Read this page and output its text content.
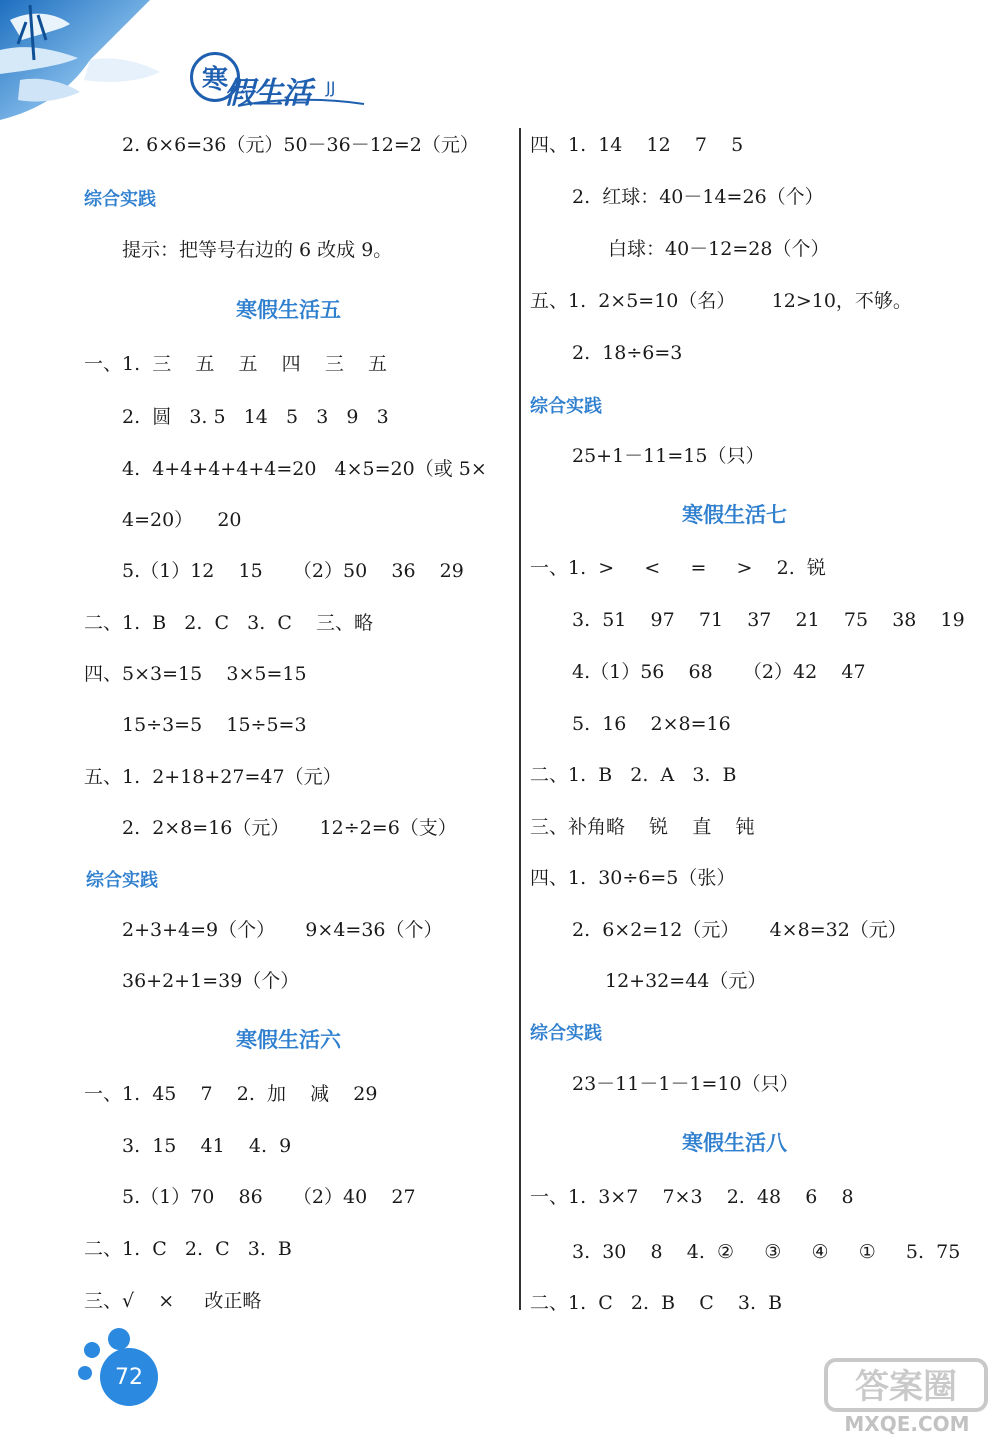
寒
假生活 JJ
2. 6×6=36（元）50－36－12=2（元）
综合实践
提示：把等号右边的 6 改成 9。
寒假生活五
一、1.  三    五    五    四    三    五
2.  圆   3. 5   14   5   3   9   3
4.  4+4+4+4+4=20   4×5=20（或 5×
4=20）    20
5.（1）12    15     （2）50    36    29
二、1.  B   2.  C   3.  C    三、略
四、5×3=15    3×5=15
15÷3=5    15÷5=3
五、1.  2+18+27=47（元）
2.  2×8=16（元）     12÷2=6（支）
综合实践
2+3+4=9（个）     9×4=36（个）
36+2+1=39（个）
寒假生活六
一、1.  45    7    2.  加    减    29
3.  15    41    4.  9
5.（1）70    86     （2）40    27
二、1.  C   2.  C   3.  B
三、√    ×     改正略
四、1.  14    12    7    5
2.  红球：40－14=26（个）
白球：40－12=28（个）
五、1.  2×5=10（名）      12>10，不够。
2.  18÷6=3
综合实践
25+1－11=15（只）
寒假生活七
一、1.  >     <     =     >    2.  锐
3.  51    97    71    37    21    75    38    19
4.（1）56    68     （2）42    47
5.  16    2×8=16
二、1.  B   2.  A   3.  B
三、补角略    锐    直    钝
四、1.  30÷6=5（张）
2.  6×2=12（元）     4×8=32（元）
12+32=44（元）
综合实践
23－11－1－1=10（只）
寒假生活八
一、1.  3×7    7×3    2.  48    6    8
3.  30    8    4.  ②     ③     ④     ①     5.  75
二、1.  C   2.  B    C    3.  B
72	答案圈
MXQE.COM
